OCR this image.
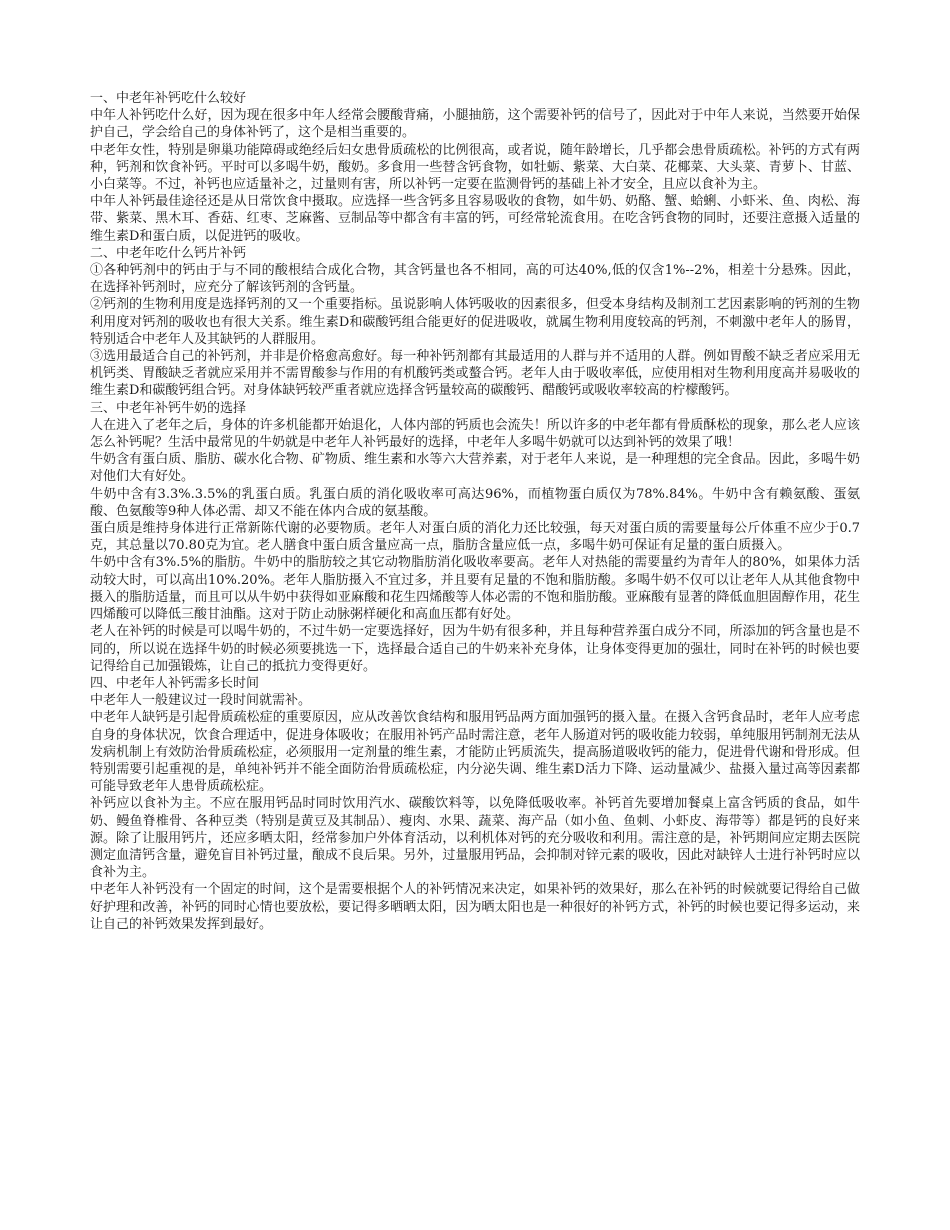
一、中老年补钙吃什么较好

中年人补钙吃什么好，因为现在很多中年人经常会腰酸背痛，小腿抽筋，这个需要补钙的信号了，因此对于中年人来说，当然要开始保护自己，学会给自己的身体补钙了，这个是相当重要的。

中老年女性，特别是卵巢功能障碍或绝经后妇女患骨质疏松的比例很高，或者说，随年龄增长，几乎都会患骨质疏松。补钙的方式有两种，钙剂和饮食补钙。平时可以多喝牛奶，酸奶。多食用一些替含钙食物，如牡蛎、紫菜、大白菜、花椰菜、大头菜、青萝卜、甘蓝、小白菜等。不过，补钙也应适量补之，过量则有害，所以补钙一定要在监测骨钙的基础上补才安全，且应以食补为主。

中年人补钙最佳途径还是从日常饮食中摄取。应选择一些含钙多且容易吸收的食物，如牛奶、奶酪、蟹、蛤蜊、小虾米、鱼、肉松、海带、紫菜、黑木耳、香菇、红枣、芝麻酱、豆制品等中都含有丰富的钙，可经常轮流食用。在吃含钙食物的同时，还要注意摄入适量的维生素D和蛋白质，以促进钙的吸收。

二、中老年吃什么钙片补钙

①各种钙剂中的钙由于与不同的酸根结合成化合物，其含钙量也各不相同，高的可达40%,低的仅含1%--2%，相差十分悬殊。因此，在选择补钙剂时，应充分了解该钙剂的含钙量。

②钙剂的生物利用度是选择钙剂的又一个重要指标。虽说影响人体钙吸收的因素很多，但受本身结构及制剂工艺因素影响的钙剂的生物利用度对钙剂的吸收也有很大关系。维生素D和碳酸钙组合能更好的促进吸收，就属生物利用度较高的钙剂，不刺激中老年人的肠胃，特别适合中老年人及其缺钙的人群服用。

③选用最适合自己的补钙剂，并非是价格愈高愈好。每一种补钙剂都有其最适用的人群与并不适用的人群。例如胃酸不缺乏者应采用无机钙类、胃酸缺乏者就应采用并不需胃酸参与作用的有机酸钙类或螯合钙。老年人由于吸收率低，应使用相对生物利用度高并易吸收的维生素D和碳酸钙组合钙。对身体缺钙较严重者就应选择含钙量较高的碳酸钙、醋酸钙或吸收率较高的柠檬酸钙。

三、中老年补钙牛奶的选择

人在进入了老年之后，身体的许多机能都开始退化，人体内部的钙质也会流失！所以许多的中老年都有骨质酥松的现象，那么老人应该怎么补钙呢？生活中最常见的牛奶就是中老年人补钙最好的选择，中老年人多喝牛奶就可以达到补钙的效果了哦！

牛奶含有蛋白质、脂肪、碳水化合物、矿物质、维生素和水等六大营养素，对于老年人来说，是一种理想的完全食品。因此，多喝牛奶对他们大有好处。

牛奶中含有3.3%.3.5%的乳蛋白质。乳蛋白质的消化吸收率可高达96%，而植物蛋白质仅为78%.84%。牛奶中含有赖氨酸、蛋氨酸、色氨酸等9种人体必需、却又不能在体内合成的氨基酸。

蛋白质是维持身体进行正常新陈代谢的必要物质。老年人对蛋白质的消化力还比较强，每天对蛋白质的需要量每公斤体重不应少于0.7克，其总量以70.80克为宜。老人膳食中蛋白质含量应高一点，脂肪含量应低一点，多喝牛奶可保证有足量的蛋白质摄入。

牛奶中含有3%.5%的脂肪。牛奶中的脂肪较之其它动物脂肪消化吸收率要高。老年人对热能的需要量约为青年人的80%，如果体力活动较大时，可以高出10%.20%。老年人脂肪摄入不宜过多，并且要有足量的不饱和脂肪酸。多喝牛奶不仅可以让老年人从其他食物中摄入的脂肪适量，而且可以从牛奶中获得如亚麻酸和花生四烯酸等人体必需的不饱和脂肪酸。亚麻酸有显著的降低血胆固醇作用，花生四烯酸可以降低三酸甘油酯。这对于防止动脉粥样硬化和高血压都有好处。

老人在补钙的时候是可以喝牛奶的，不过牛奶一定要选择好，因为牛奶有很多种，并且每种营养蛋白成分不同，所添加的钙含量也是不同的，所以说在选择牛奶的时候必须要挑选一下，选择最合适自己的牛奶来补充身体，让身体变得更加的强壮，同时在补钙的时候也要记得给自己加强锻炼，让自己的抵抗力变得更好。

四、中老年人补钙需多长时间

中老年人一般建议过一段时间就需补。

中老年人缺钙是引起骨质疏松症的重要原因，应从改善饮食结构和服用钙品两方面加强钙的摄入量。在摄入含钙食品时，老年人应考虑自身的身体状况，饮食合理适中，促进身体吸收；在服用补钙产品时需注意，老年人肠道对钙的吸收能力较弱，单纯服用钙制剂无法从发病机制上有效防治骨质疏松症，必须服用一定剂量的维生素，才能防止钙质流失，提高肠道吸收钙的能力，促进骨代谢和骨形成。但特别需要引起重视的是，单纯补钙并不能全面防治骨质疏松症，内分泌失调、维生素D活力下降、运动量减少、盐摄入量过高等因素都可能导致老年人患骨质疏松症。

补钙应以食补为主。不应在服用钙品时同时饮用汽水、碳酸饮料等，以免降低吸收率。补钙首先要增加餐桌上富含钙质的食品，如牛奶、鳗鱼脊椎骨、各种豆类（特别是黄豆及其制品）、瘦肉、水果、蔬菜、海产品（如小鱼、鱼刺、小虾皮、海带等）都是钙的良好来源。除了让服用钙片，还应多晒太阳，经常参加户外体育活动，以利机体对钙的充分吸收和利用。需注意的是，补钙期间应定期去医院测定血清钙含量，避免盲目补钙过量，酿成不良后果。另外，过量服用钙品，会抑制对锌元素的吸收，因此对缺锌人士进行补钙时应以食补为主。

中老年人补钙没有一个固定的时间，这个是需要根据个人的补钙情况来决定，如果补钙的效果好，那么在补钙的时候就要记得给自己做好护理和改善，补钙的同时心情也要放松，要记得多晒晒太阳，因为晒太阳也是一种很好的补钙方式，补钙的时候也要记得多运动，来让自己的补钙效果发挥到最好。
